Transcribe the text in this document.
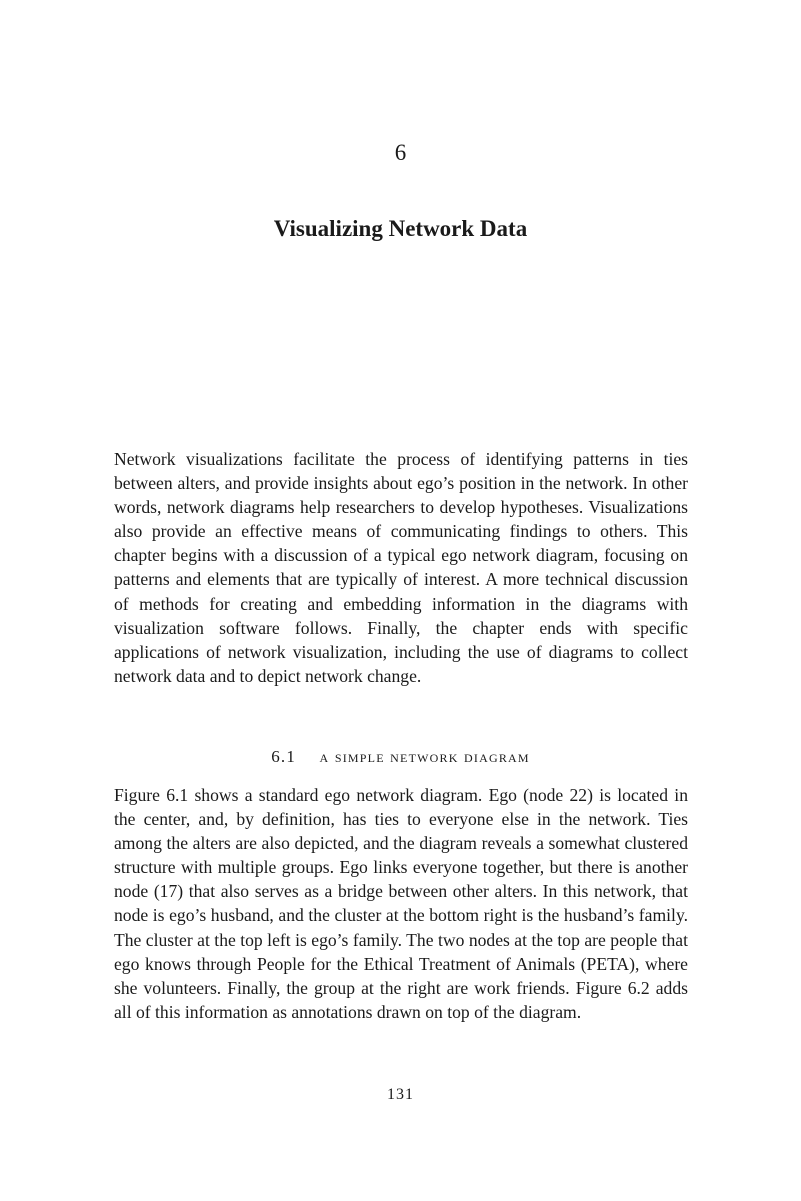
6
Visualizing Network Data

Network visualizations facilitate the process of identifying patterns in ties between alters, and provide insights about ego’s position in the network. In other words, network diagrams help researchers to develop hypotheses. Visualizations also provide an effective means of communicating findings to others. This chapter begins with a discussion of a typical ego network diagram, focusing on patterns and elements that are typically of interest. A more technical discussion of methods for creating and embedding information in the diagrams with visualization software follows. Finally, the chapter ends with specific applications of network visualization, including the use of diagrams to collect network data and to depict network change.

6.1 a simple network diagram

Figure 6.1 shows a standard ego network diagram. Ego (node 22) is located in the center, and, by definition, has ties to everyone else in the network. Ties among the alters are also depicted, and the diagram reveals a somewhat clustered structure with multiple groups. Ego links everyone together, but there is another node (17) that also serves as a bridge between other alters. In this network, that node is ego’s husband, and the cluster at the bottom right is the husband’s family. The cluster at the top left is ego’s family. The two nodes at the top are people that ego knows through People for the Ethical Treatment of Animals (PETA), where she volunteers. Finally, the group at the right are work friends. Figure 6.2 adds all of this information as annotations drawn on top of the diagram.

131
